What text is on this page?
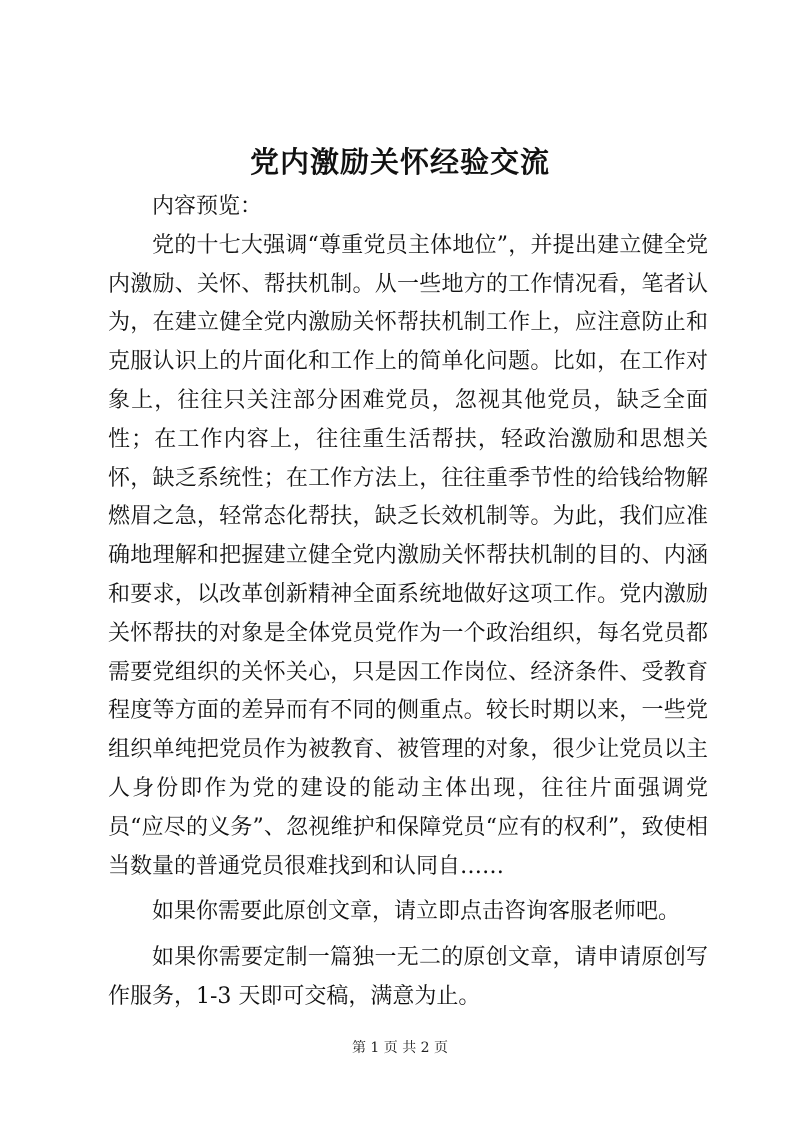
党内激励关怀经验交流

内容预览：

党的十七大强调“尊重党员主体地位”，并提出建立健全党内激励、关怀、帮扶机制。从一些地方的工作情况看，笔者认为，在建立健全党内激励关怀帮扶机制工作上，应注意防止和克服认识上的片面化和工作上的简单化问题。比如，在工作对象上，往往只关注部分困难党员，忽视其他党员，缺乏全面性；在工作内容上，往往重生活帮扶，轻政治激励和思想关怀，缺乏系统性；在工作方法上，往往重季节性的给钱给物解燃眉之急，轻常态化帮扶，缺乏长效机制等。为此，我们应准确地理解和把握建立健全党内激励关怀帮扶机制的目的、内涵和要求，以改革创新精神全面系统地做好这项工作。党内激励关怀帮扶的对象是全体党员党作为一个政治组织，每名党员都需要党组织的关怀关心，只是因工作岗位、经济条件、受教育程度等方面的差异而有不同的侧重点。较长时期以来，一些党组织单纯把党员作为被教育、被管理的对象，很少让党员以主人身份即作为党的建设的能动主体出现，往往片面强调党员“应尽的义务”、忽视维护和保障党员“应有的权利”，致使相当数量的普通党员很难找到和认同自……

如果你需要此原创文章，请立即点击咨询客服老师吧。

如果你需要定制一篇独一无二的原创文章，请申请原创写作服务，1-3 天即可交稿，满意为止。

第 1 页 共 2 页
